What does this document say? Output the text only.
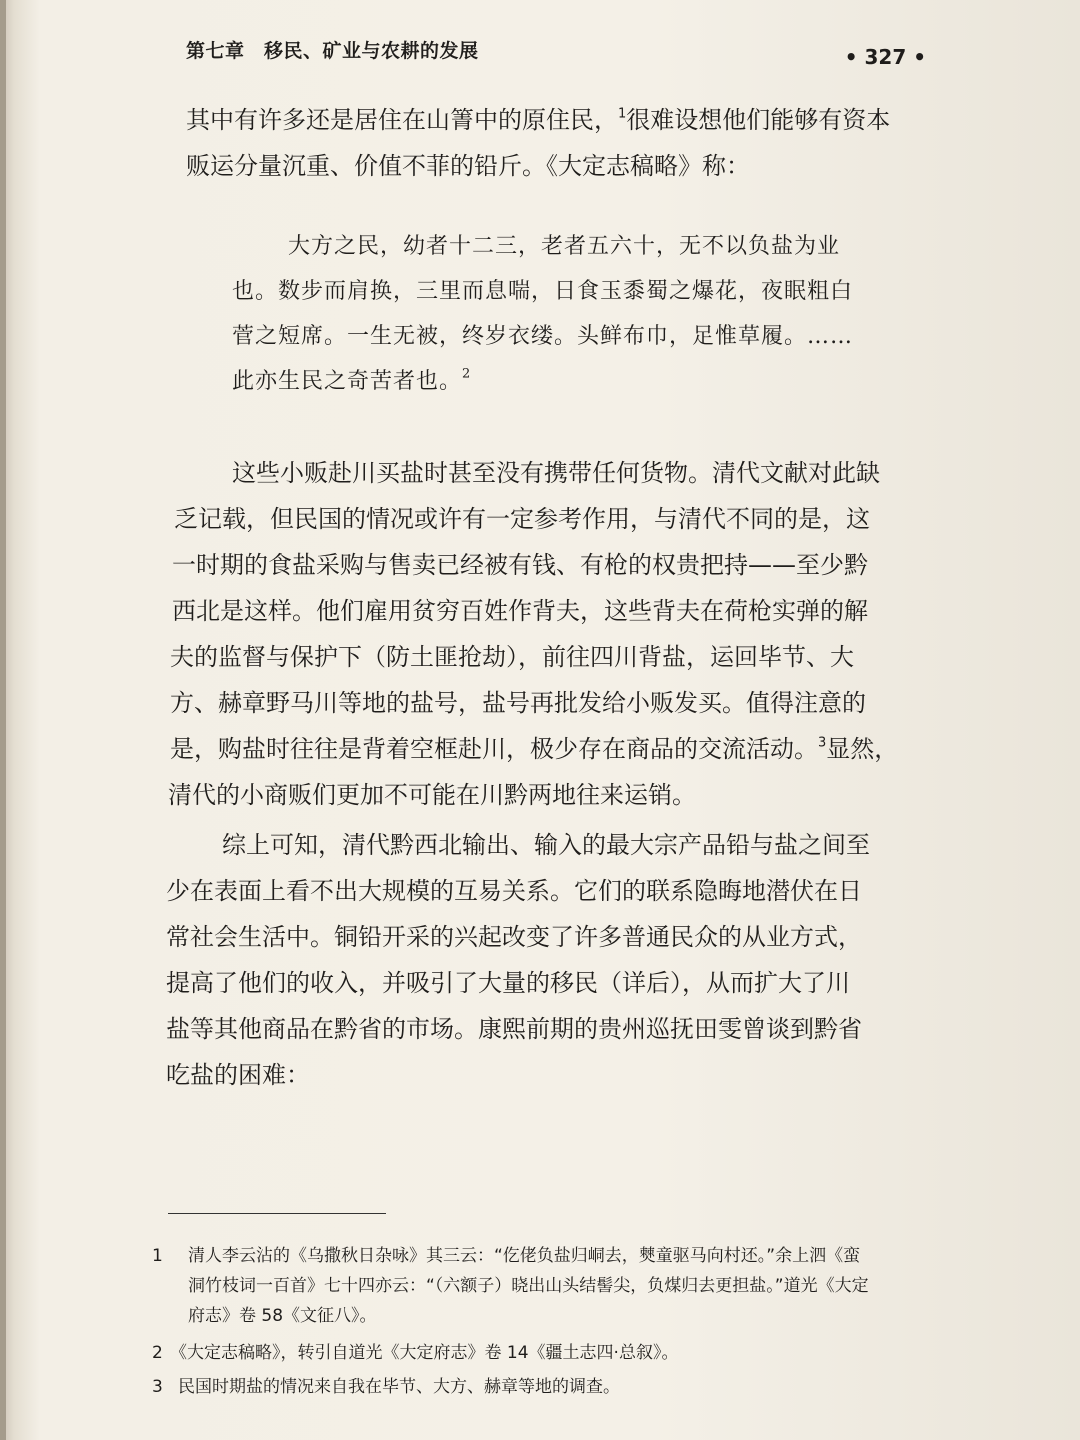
第七章　移民、矿业与农耕的发展	• 327 •
其中有许多还是居住在山箐中的原住民，$^1$很难设想他们能够有资本
贩运分量沉重、价值不菲的铅斤。《大定志稿略》称：
大方之民，幼者十二三，老者五六十，无不以负盐为业
也。数步而肩换，三里而息喘，日食玉黍蜀之爆花，夜眠粗白
菅之短席。一生无被，终岁衣缕。头鲜布巾，足惟草履。……
此亦生民之奇苦者也。$^2$
这些小贩赴川买盐时甚至没有携带任何货物。清代文献对此缺
乏记载，但民国的情况或许有一定参考作用，与清代不同的是，这
一时期的食盐采购与售卖已经被有钱、有枪的权贵把持——至少黔
西北是这样。他们雇用贫穷百姓作背夫，这些背夫在荷枪实弹的解
夫的监督与保护下（防土匪抢劫），前往四川背盐，运回毕节、大
方、赫章野马川等地的盐号，盐号再批发给小贩发买。值得注意的
是，购盐时往往是背着空框赴川，极少存在商品的交流活动。$^3$显然，
清代的小商贩们更加不可能在川黔两地往来运销。
综上可知，清代黔西北输出、输入的最大宗产品铅与盐之间至
少在表面上看不出大规模的互易关系。它们的联系隐晦地潜伏在日
常社会生活中。铜铅开采的兴起改变了许多普通民众的从业方式，
提高了他们的收入，并吸引了大量的移民（详后），从而扩大了川
盐等其他商品在黔省的市场。康熙前期的贵州巡抚田雯曾谈到黔省
吃盐的困难：
1	清人李云沾的《乌撒秋日杂咏》其三云：“仡佬负盐归峒去，僰童驱马向村还。”余上泗《蛮
洞竹枝词一百首》七十四亦云：“（六额子）晓出山头结髻尖，负煤归去更担盐。”道光《大定
府志》卷 58《文征八》。
2 《大定志稿略》，转引自道光《大定府志》卷 14《疆土志四·总叙》。
3 民国时期盐的情况来自我在毕节、大方、赫章等地的调查。
